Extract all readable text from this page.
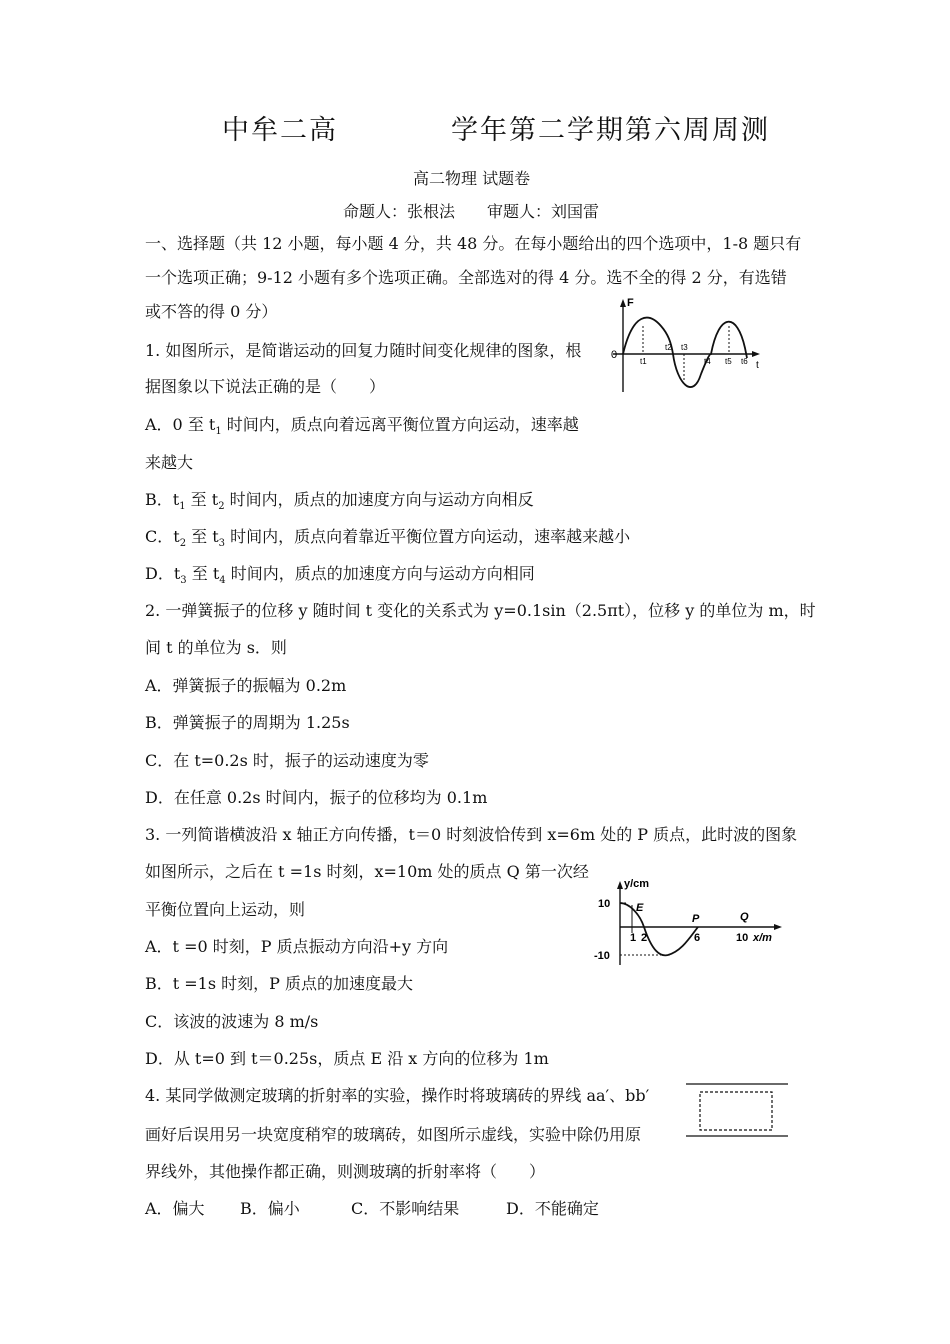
中牟二高	学年第二学期第六周周测
高二物理 试题卷
命题人：张根法　　审题人：刘国雷
一、选择题（共 12 小题，每小题 4 分，共 48 分。在每小题给出的四个选项中，1-8 题只有
一个选项正确；9-12 小题有多个选项正确。全部选对的得 4 分。选不全的得 2 分，有选错
或不答的得 0 分）
1. 如图所示，是简谐运动的回复力随时间变化规律的图象，根
据图象以下说法正确的是（　　）
A．0 至 $t_1$ 时间内，质点向着远离平衡位置方向运动，速率越
来越大
B．$t_1$ 至 $t_2$ 时间内，质点的加速度方向与运动方向相反
C．$t_2$ 至 $t_3$ 时间内，质点向着靠近平衡位置方向运动，速率越来越小
D．$t_3$ 至 $t_4$ 时间内，质点的加速度方向与运动方向相同
F
0
t
t1
t2 t3
t4 t5 t6
2. 一弹簧振子的位移 y 随时间 t 变化的关系式为 y=0.1sin（2.5πt），位移 y 的单位为 m，时
间 t 的单位为 s．则
A．弹簧振子的振幅为 0.2m
B．弹簧振子的周期为 1.25s
C．在 t=0.2s 时，振子的运动速度为零
D．在任意 0.2s 时间内，振子的位移均为 0.1m
3. 一列简谐横波沿 x 轴正方向传播，t＝0 时刻波恰传到 x=6m 处的 P 质点，此时波的图象
如图所示，之后在 t =1s 时刻，x=10m 处的质点 Q 第一次经
平衡位置向上运动，则
A．t =0 时刻，P 质点振动方向沿+y 方向
B．t =1s 时刻，P 质点的加速度最大
C．该波的波速为 8 m/s
D．从 t=0 到 t＝0.25s，质点 E 沿 x 方向的位移为 1m
y/cm
10
-10
E
P	Q
1 2	6	10 x/m
4. 某同学做测定玻璃的折射率的实验，操作时将玻璃砖的界线 aa′、bb′
画好后误用另一块宽度稍窄的玻璃砖，如图所示虚线，实验中除仍用原
界线外，其他操作都正确，则测玻璃的折射率将（　　）
A．偏大 B．偏小	C．不影响结果	D．不能确定
